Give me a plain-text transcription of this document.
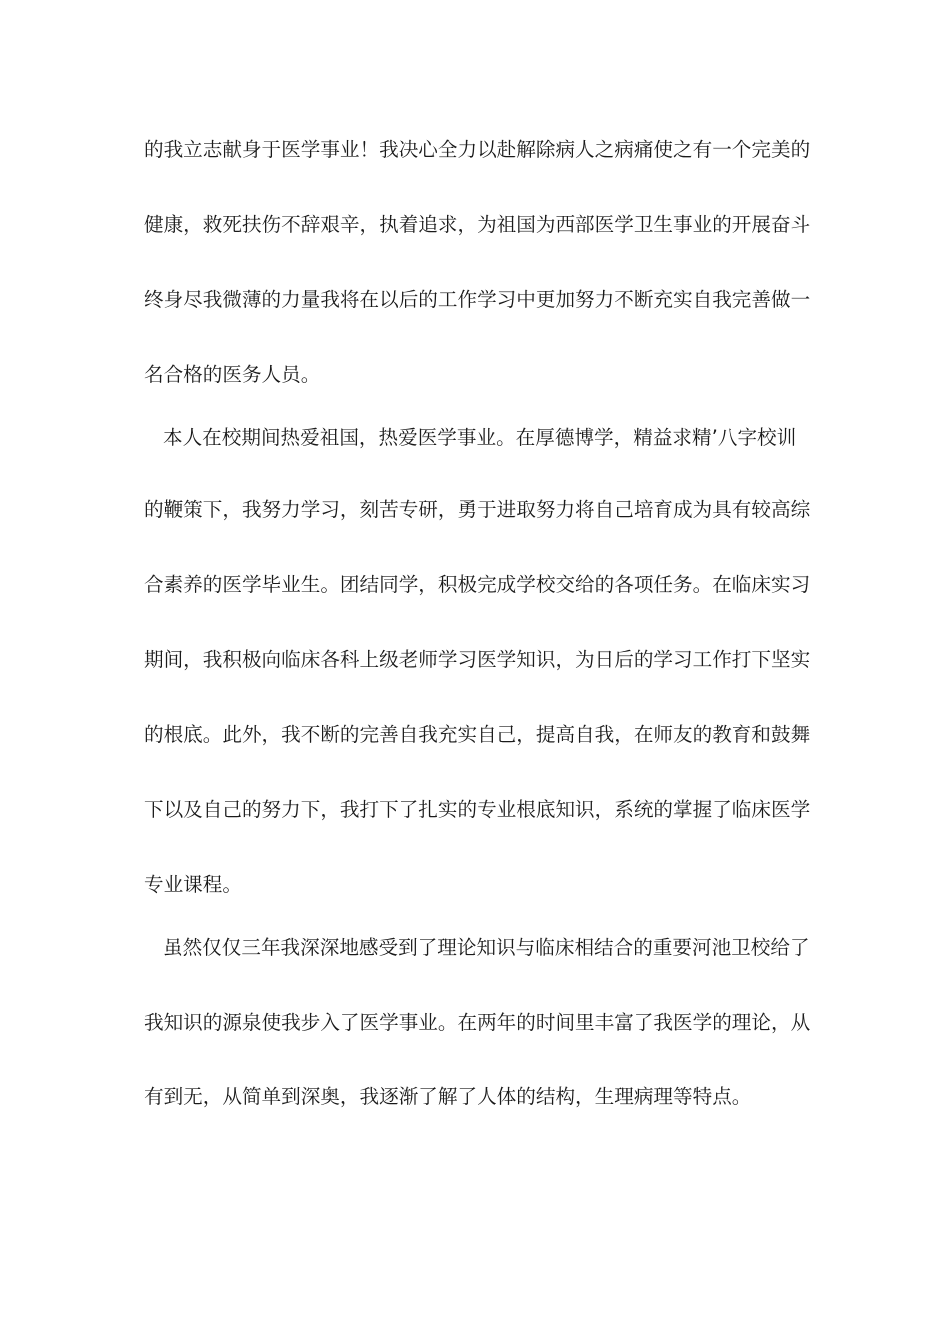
的我立志献身于医学事业！我决心全力以赴解除病人之病痛使之有一个完美的
健康，救死扶伤不辞艰辛，执着追求，为祖国为西部医学卫生事业的开展奋斗
终身尽我微薄的力量我将在以后的工作学习中更加努力不断充实自我完善做一
名合格的医务人员。
本人在校期间热爱祖国，热爱医学事业。在厚德博学，精益求精’八字校训
的鞭策下，我努力学习，刻苦专研，勇于进取努力将自己培育成为具有较高综
合素养的医学毕业生。团结同学，积极完成学校交给的各项任务。在临床实习
期间，我积极向临床各科上级老师学习医学知识，为日后的学习工作打下坚实
的根底。此外，我不断的完善自我充实自己，提高自我，在师友的教育和鼓舞
下以及自己的努力下，我打下了扎实的专业根底知识，系统的掌握了临床医学
专业课程。
虽然仅仅三年我深深地感受到了理论知识与临床相结合的重要河池卫校给了
我知识的源泉使我步入了医学事业。在两年的时间里丰富了我医学的理论，从
有到无，从简单到深奥，我逐渐了解了人体的结构，生理病理等特点。
